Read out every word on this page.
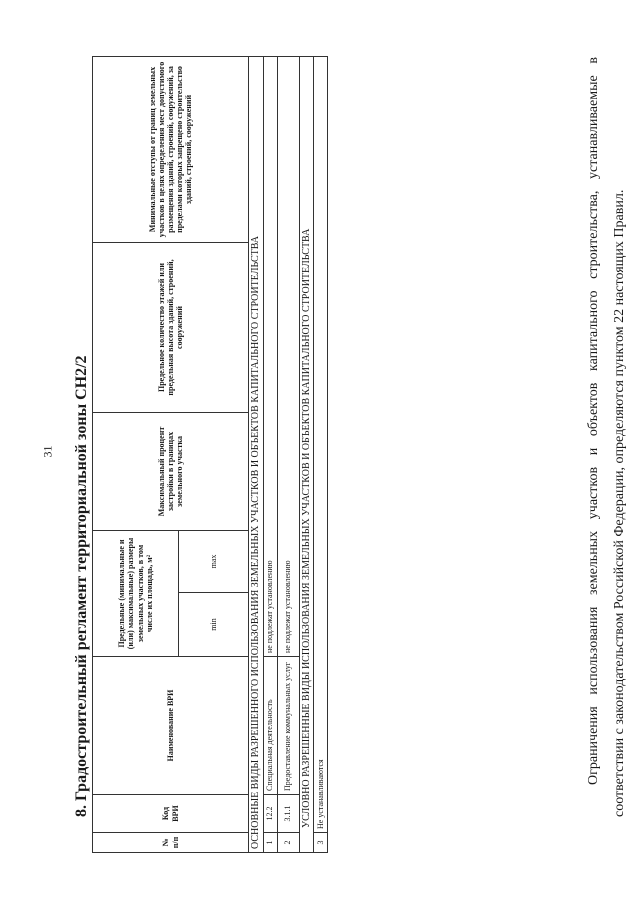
31 8. Градостроительный регламент территориальной зоны СН2/2
№ п/п	Код ВРИ	Наименование ВРИ	Предельные (минимальные и (или) максимальные) размеры земельных участков, в том числе их площадь, м²		Максимальный процент застройки в границах земельного участка	Предельное количество этажей или предельная высота зданий, строений, сооружений	Минимальные отступы от границ земельных участков в целях определения мест допустимого размещения зданий, строений, сооружений, за пределами которых запрещено строительство зданий, строений, сооружений
			min	max			
ОСНОВНЫЕ ВИДЫ РАЗРЕШЕННОГО ИСПОЛЬЗОВАНИЯ ЗЕМЕЛЬНЫХ УЧАСТКОВ И ОБЪЕКТОВ КАПИТАЛЬНОГО СТРОИТЕЛЬСТВА							
1	12.2	Специальная деятельность	не подлежат установлению				
2	3.1.1	Предоставление коммунальных услуг	не подлежат установлению				
УСЛОВНО РАЗРЕШЕННЫЕ ВИДЫ ИСПОЛЬЗОВАНИЯ ЗЕМЕЛЬНЫХ УЧАСТКОВ И ОБЪЕКТОВ КАПИТАЛЬНОГО СТРОИТЕЛЬСТВА							
3	Не устанавливаются						
Ограничения использования земельных участков и объектов капитального строительства, устанавливаемые в соответствии с законодательством Российской Федерации, определяются пунктом 22 настоящих Правил.
